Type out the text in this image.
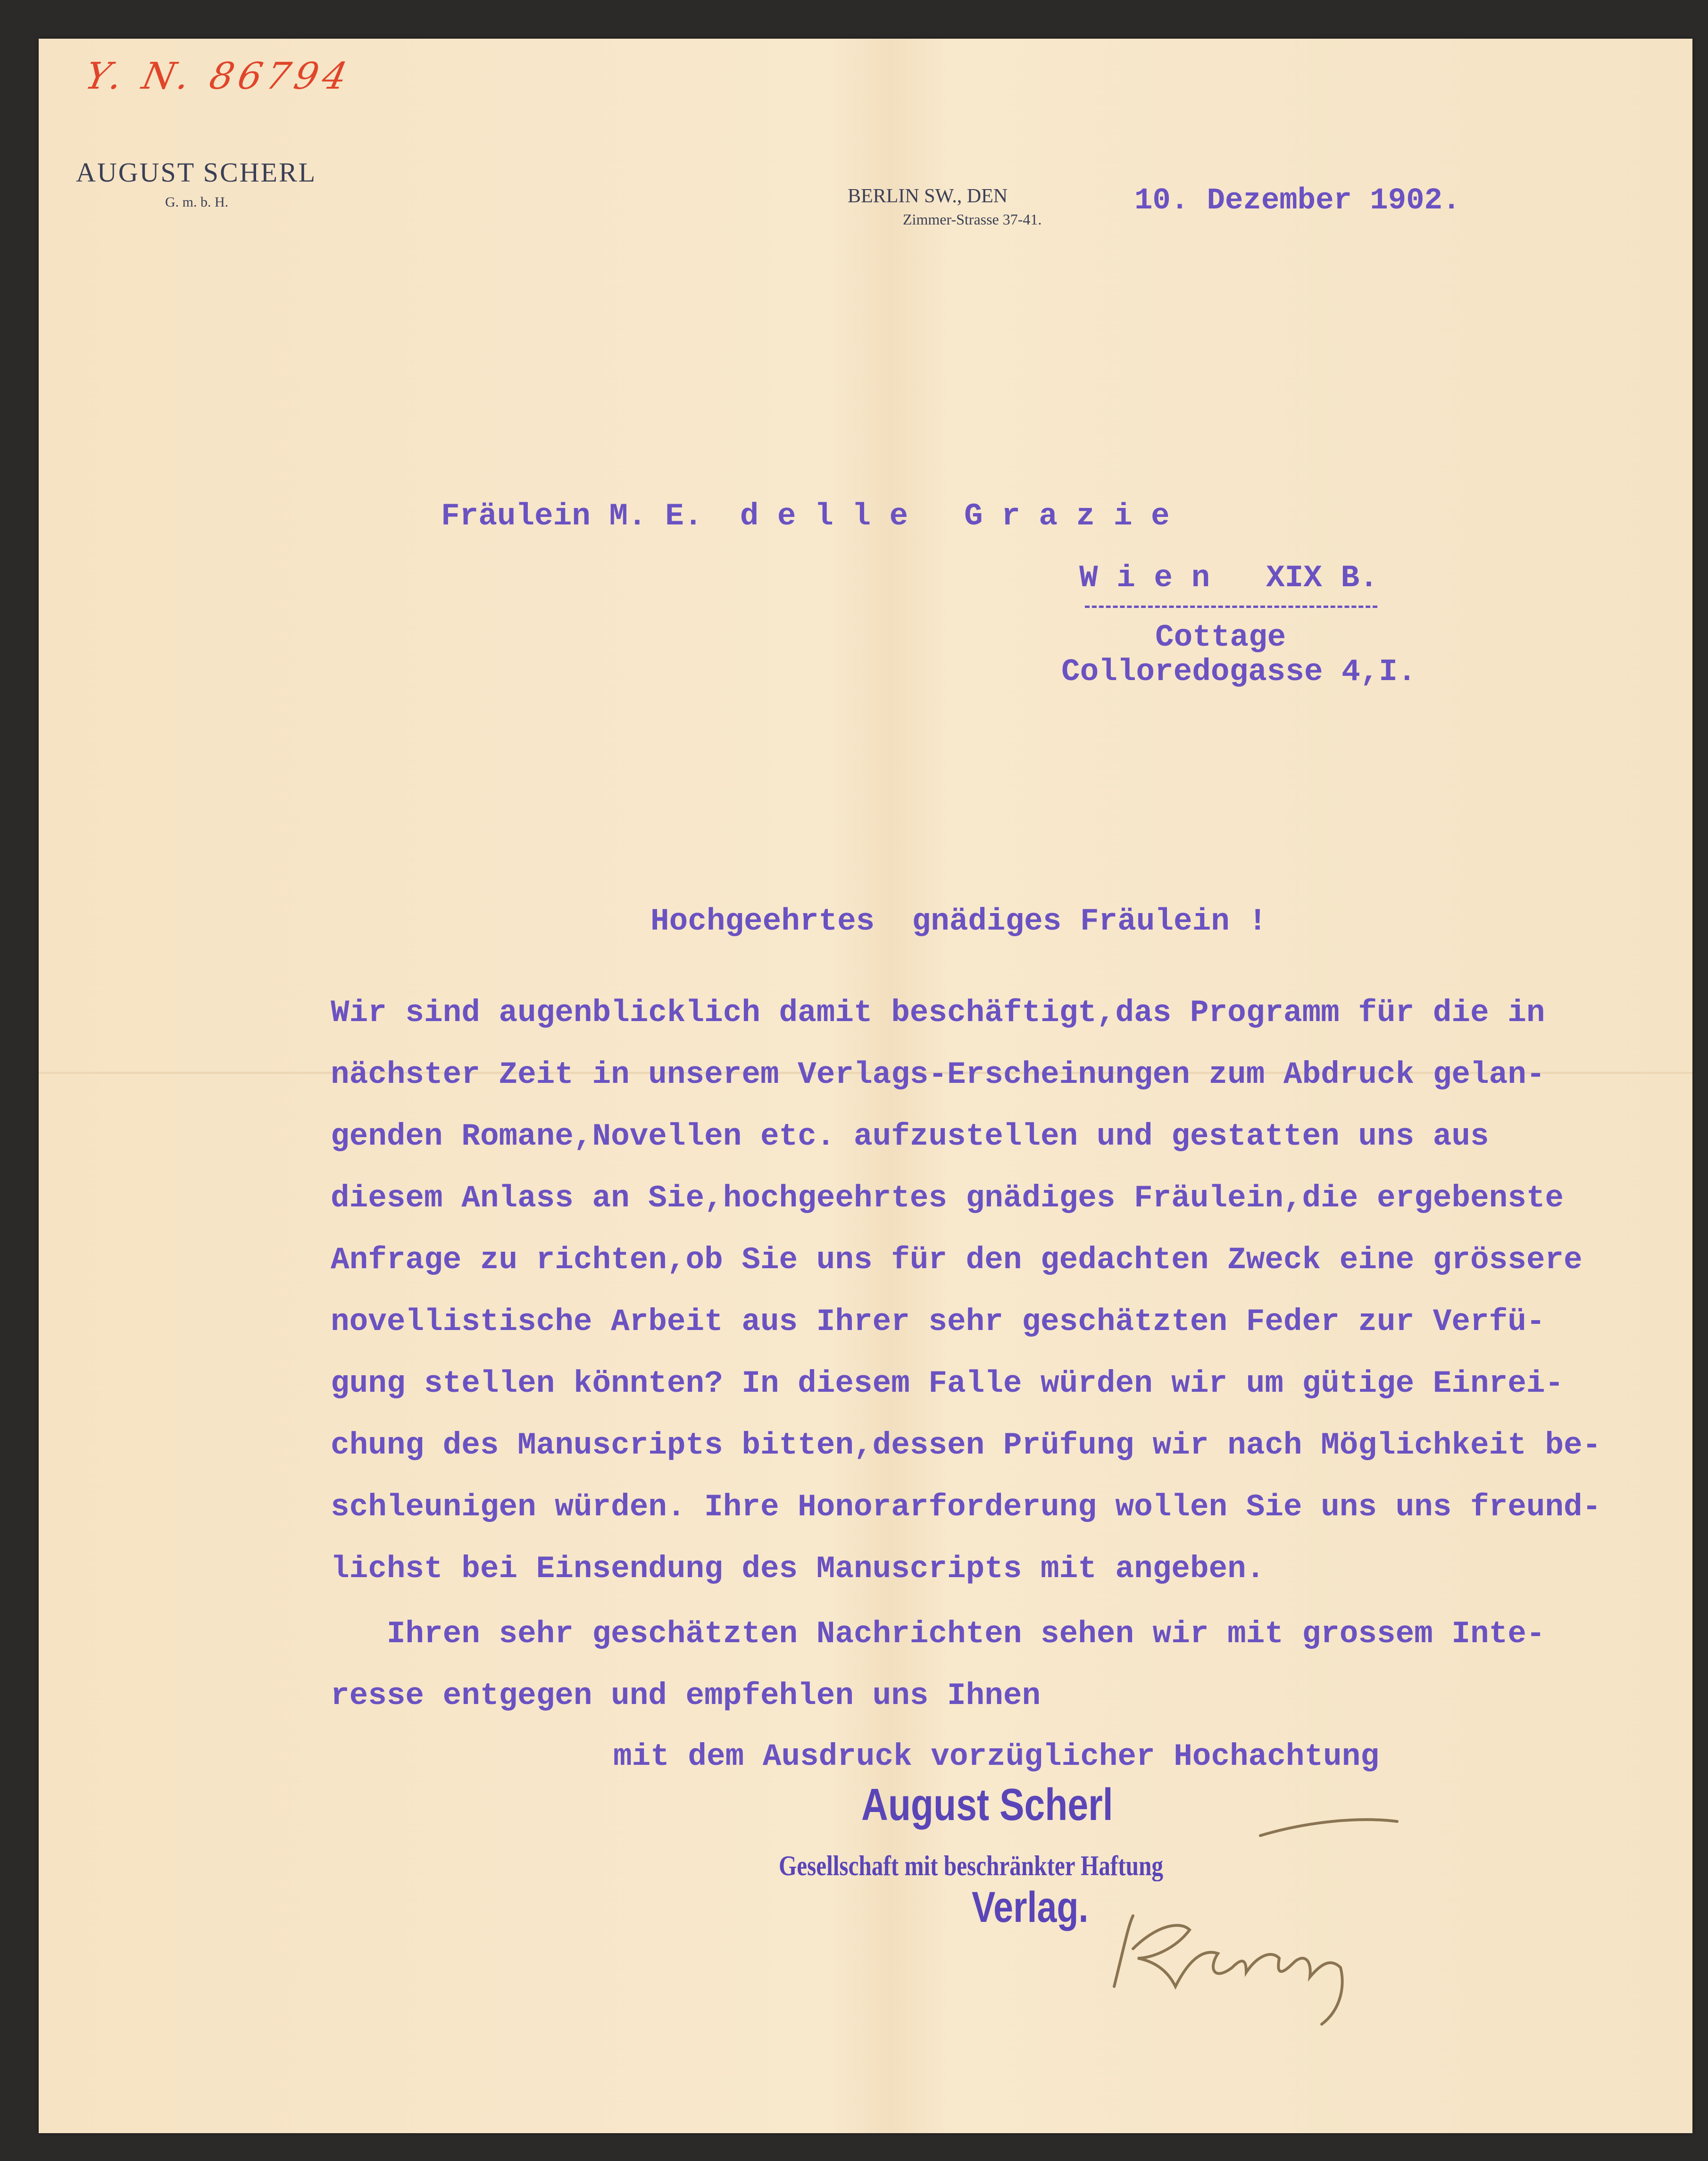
Y. N. 86794
AUGUST SCHERL
G. m. b. H.	BERLIN SW., DEN
Zimmer-Strasse 37-41.
10. Dezember 1902.
Fräulein M. E.  d e l l e   G r a z i e
W i e n   XIX B.
Cottage
Colloredogasse 4,I.
Hochgeehrtes  gnädiges Fräulein !
Wir sind augenblicklich damit beschäftigt,das Programm für die in
nächster Zeit in unserem Verlags-Erscheinungen zum Abdruck gelan-
genden Romane,Novellen etc. aufzustellen und gestatten uns aus
diesem Anlass an Sie,hochgeehrtes gnädiges Fräulein,die ergebenste
Anfrage zu richten,ob Sie uns für den gedachten Zweck eine grössere
novellistische Arbeit aus Ihrer sehr geschätzten Feder zur Verfü-
gung stellen könnten? In diesem Falle würden wir um gütige Einrei-
chung des Manuscripts bitten,dessen Prüfung wir nach Möglichkeit be-
schleunigen würden. Ihre Honorarforderung wollen Sie uns uns freund-
lichst bei Einsendung des Manuscripts mit angeben.
Ihren sehr geschätzten Nachrichten sehen wir mit grossem Inte-
resse entgegen und empfehlen uns Ihnen
mit dem Ausdruck vorzüglicher Hochachtung
August Scherl
Gesellschaft mit beschränkter Haftung
Verlag.
